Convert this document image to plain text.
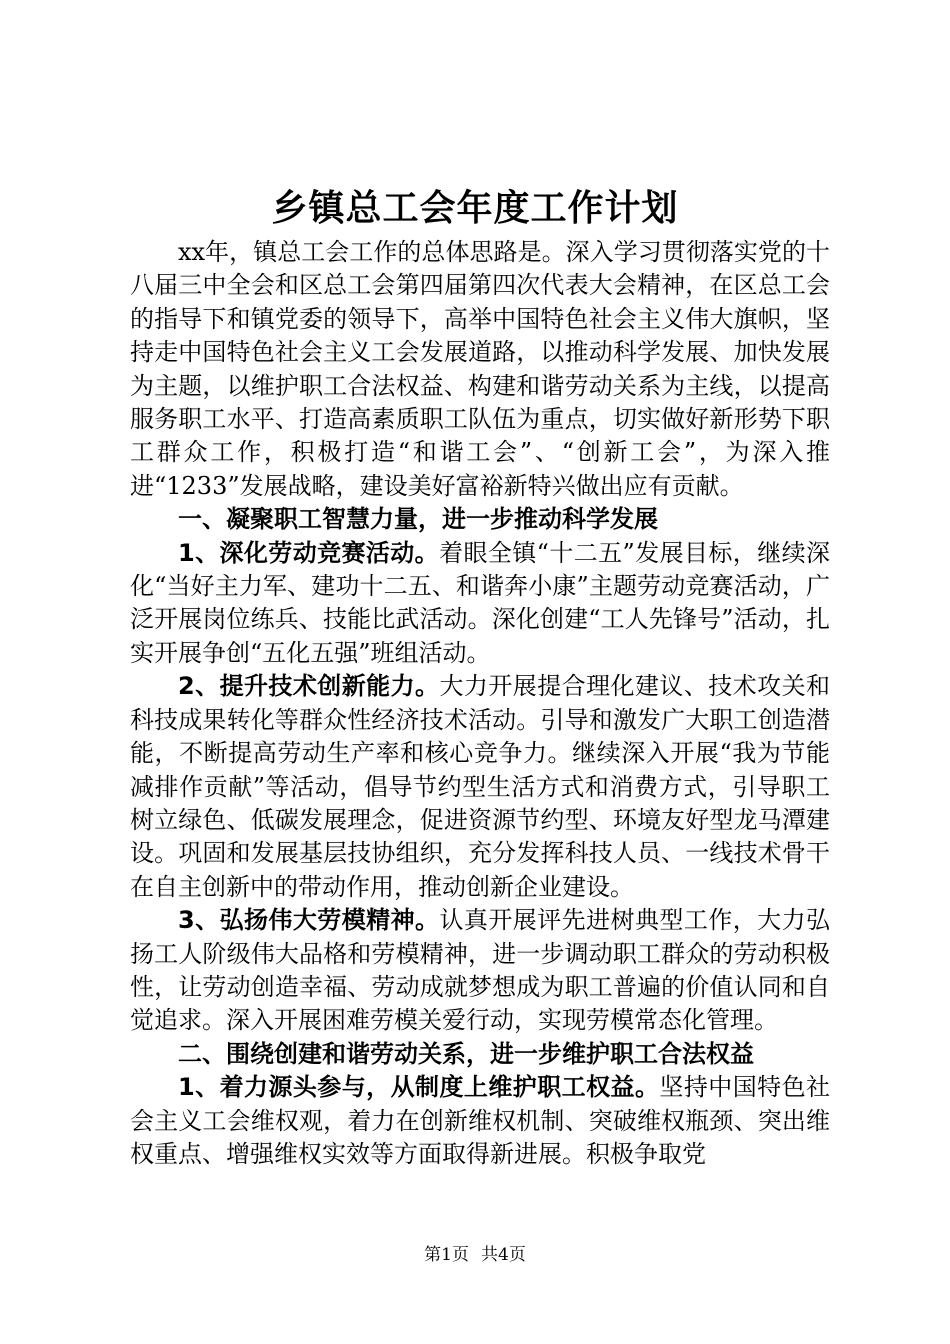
乡镇总工会年度工作计划

xx年，镇总工会工作的总体思路是。深入学习贯彻落实党的十八届三中全会和区总工会第四届第四次代表大会精神，在区总工会的指导下和镇党委的领导下，高举中国特色社会主义伟大旗帜，坚持走中国特色社会主义工会发展道路，以推动科学发展、加快发展为主题，以维护职工合法权益、构建和谐劳动关系为主线，以提高服务职工水平、打造高素质职工队伍为重点，切实做好新形势下职工群众工作，积极打造“和谐工会”、“创新工会”，为深入推进“1233”发展战略，建设美好富裕新特兴做出应有贡献。

一、凝聚职工智慧力量，进一步推动科学发展

1、深化劳动竞赛活动。着眼全镇“十二五”发展目标，继续深化“当好主力军、建功十二五、和谐奔小康”主题劳动竞赛活动，广泛开展岗位练兵、技能比武活动。深化创建“工人先锋号”活动，扎实开展争创“五化五强”班组活动。

2、提升技术创新能力。大力开展提合理化建议、技术攻关和科技成果转化等群众性经济技术活动。引导和激发广大职工创造潜能，不断提高劳动生产率和核心竞争力。继续深入开展“我为节能减排作贡献”等活动，倡导节约型生活方式和消费方式，引导职工树立绿色、低碳发展理念，促进资源节约型、环境友好型龙马潭建设。巩固和发展基层技协组织，充分发挥科技人员、一线技术骨干在自主创新中的带动作用，推动创新企业建设。

3、弘扬伟大劳模精神。认真开展评先进树典型工作，大力弘扬工人阶级伟大品格和劳模精神，进一步调动职工群众的劳动积极性，让劳动创造幸福、劳动成就梦想成为职工普遍的价值认同和自觉追求。深入开展困难劳模关爱行动，实现劳模常态化管理。

二、围绕创建和谐劳动关系，进一步维护职工合法权益

1、着力源头参与，从制度上维护职工权益。坚持中国特色社会主义工会维权观，着力在创新维权机制、突破维权瓶颈、突出维权重点、增强维权实效等方面取得新进展。积极争取党

第1页 共4页
